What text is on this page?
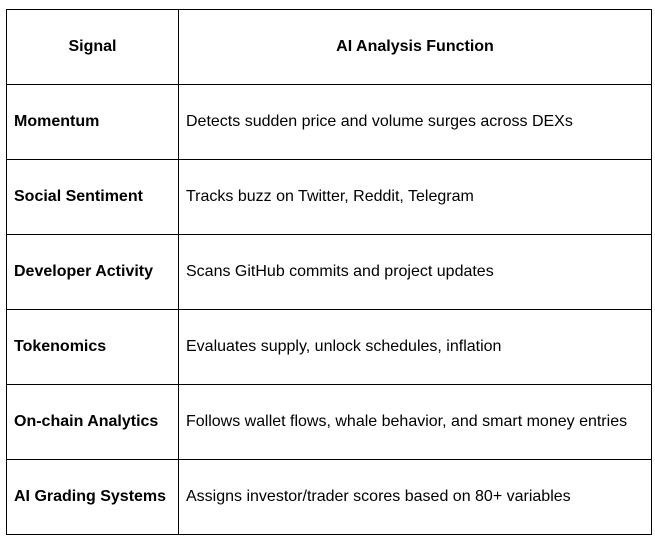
Signal	AI Analysis Function
Momentum	Detects sudden price and volume surges across DEXs
Social Sentiment	Tracks buzz on Twitter, Reddit, Telegram
Developer Activity	Scans GitHub commits and project updates
Tokenomics	Evaluates supply, unlock schedules, inflation
On-chain Analytics	Follows wallet flows, whale behavior, and smart money entries
AI Grading Systems	Assigns investor/trader scores based on 80+ variables
